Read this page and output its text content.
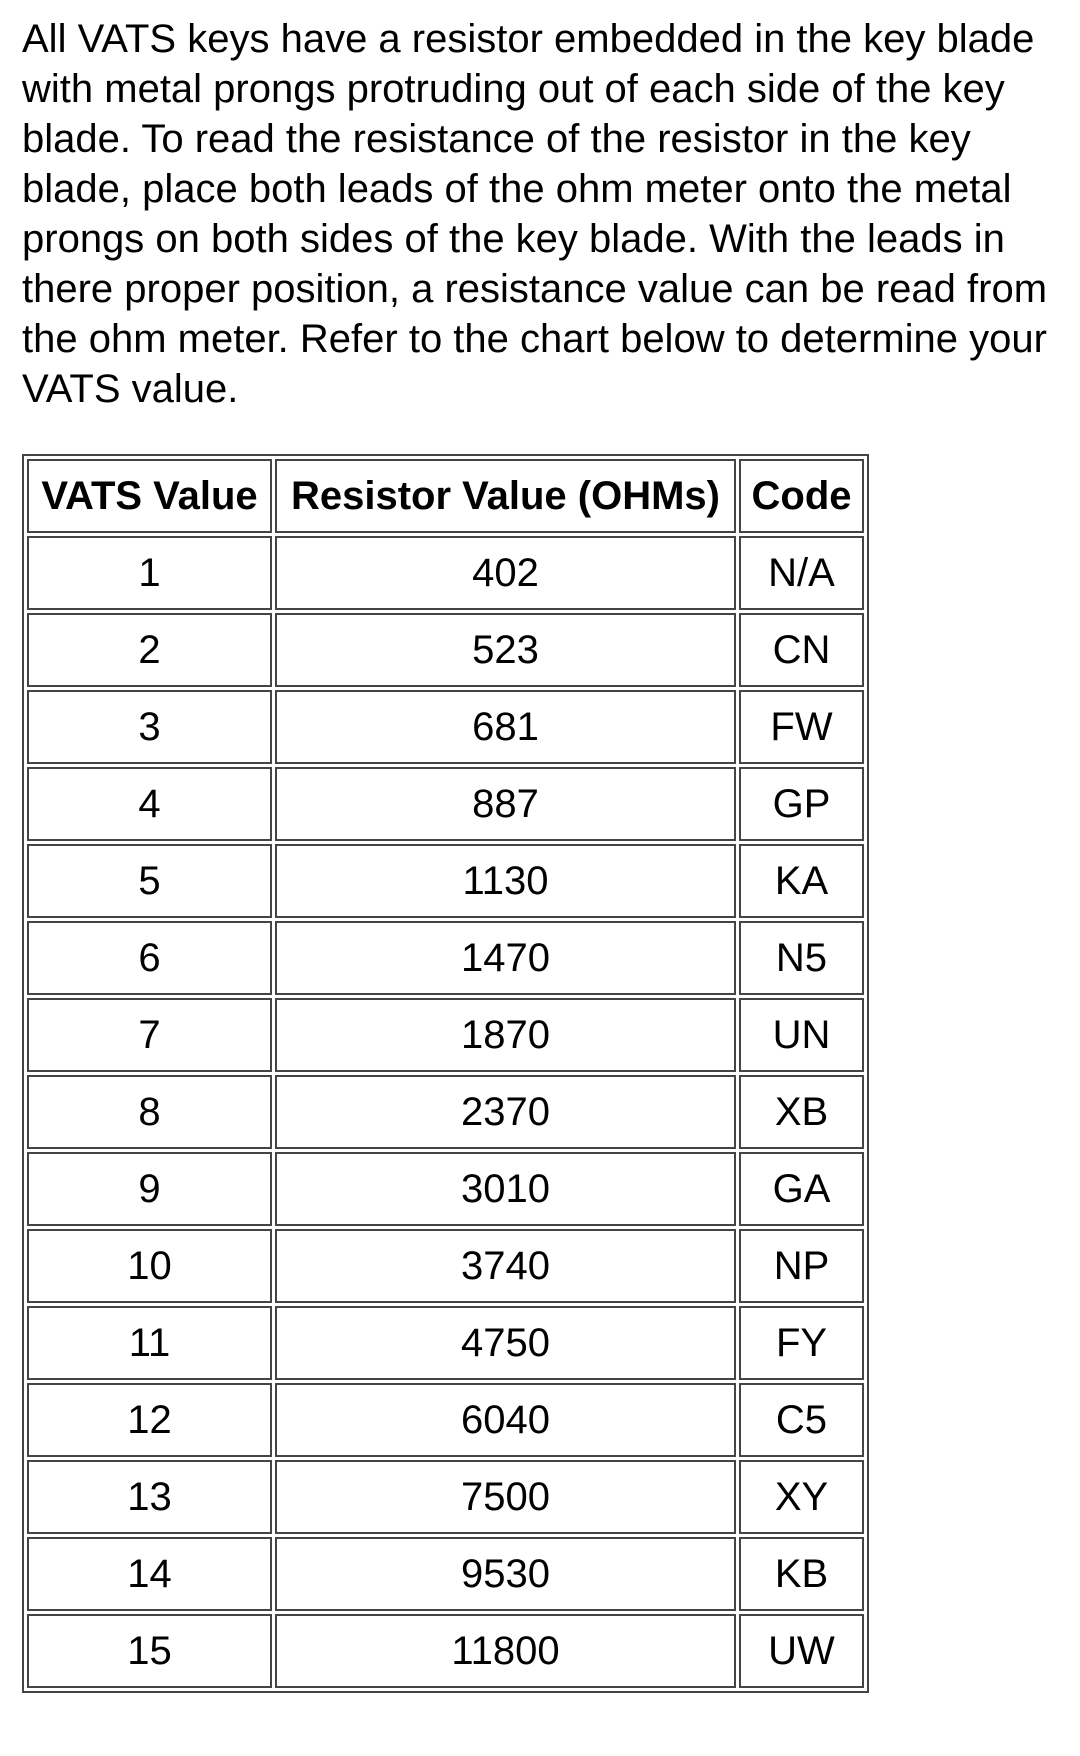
All VATS keys have a resistor embedded in the key blade with metal prongs protruding out of each side of the key blade. To read the resistance of the resistor in the key blade, place both leads of the ohm meter onto the metal prongs on both sides of the key blade. With the leads in there proper position, a resistance value can be read from the ohm meter. Refer to the chart below to determine your VATS value.

VATS Value	Resistor Value (OHMs)	Code
1	402	N/A
2	523	CN
3	681	FW
4	887	GP
5	1130	KA
6	1470	N5
7	1870	UN
8	2370	XB
9	3010	GA
10	3740	NP
11	4750	FY
12	6040	C5
13	7500	XY
14	9530	KB
15	11800	UW
